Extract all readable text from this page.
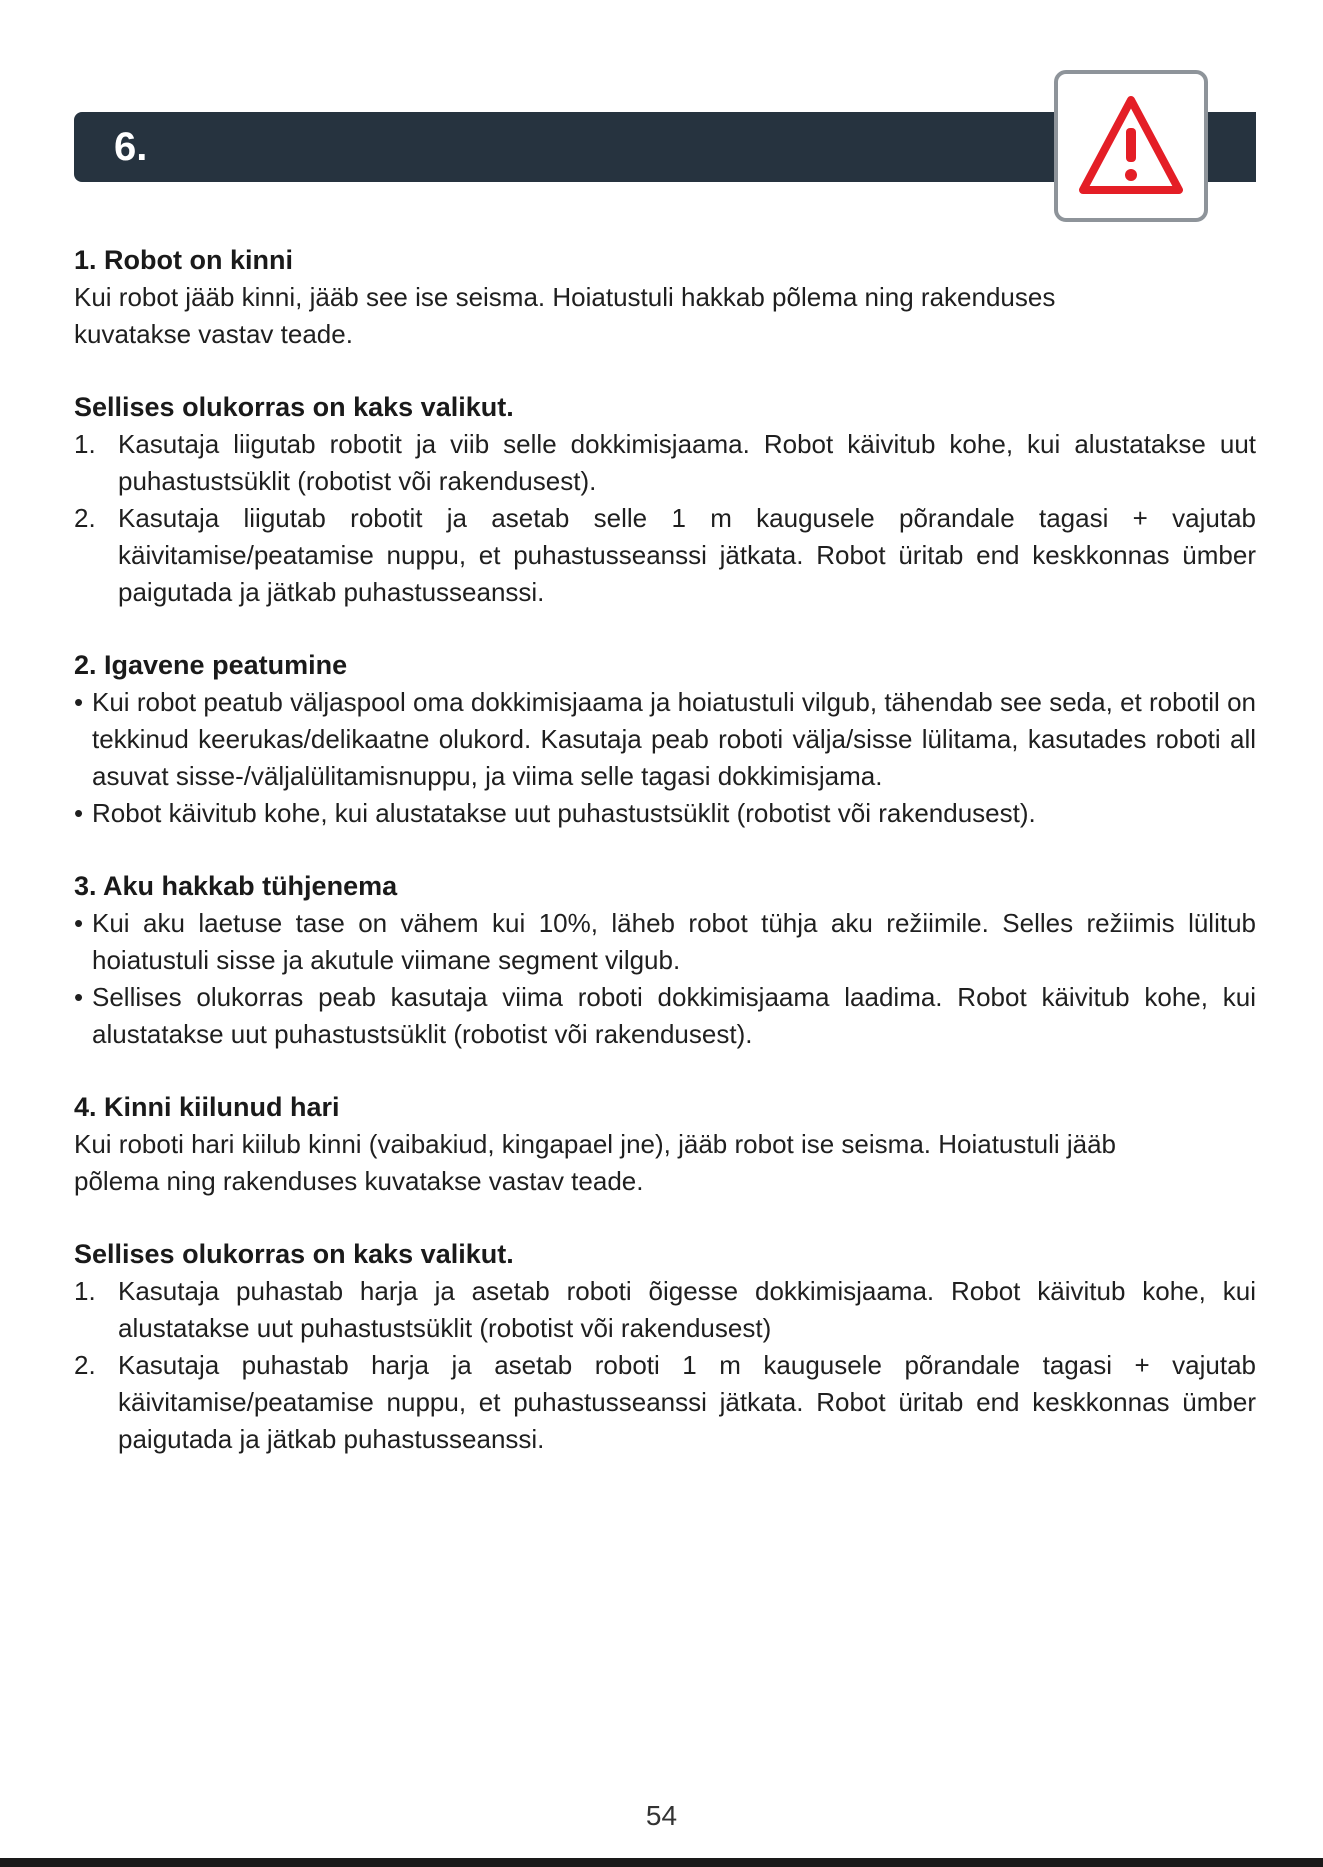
6.
1. Robot on kinni

Kui robot jääb kinni, jääb see ise seisma. Hoiatustuli hakkab põlema ning rakenduses kuvatakse vastav teade.

Sellises olukorras on kaks valikut.
1. Kasutaja liigutab robotit ja viib selle dokkimisjaama. Robot käivitub kohe, kui alustatakse uut puhastustsüklit (robotist või rakendusest).
2. Kasutaja liigutab robotit ja asetab selle 1 m kaugusele põrandale tagasi + vajutab käivitamise/peatamise nuppu, et puhastusseanssi jätkata. Robot üritab end keskkonnas ümber paigutada ja jätkab puhastusseanssi.
2. Igavene peatumine
• Kui robot peatub väljaspool oma dokkimisjaama ja hoiatustuli vilgub, tähendab see seda, et robotil on tekkinud keerukas/delikaatne olukord. Kasutaja peab roboti välja/sisse lülitama, kasutades roboti all asuvat sisse-/väljalülitamisnuppu, ja viima selle tagasi dokkimisjama.
• Robot käivitub kohe, kui alustatakse uut puhastustsüklit (robotist või rakendusest).
3. Aku hakkab tühjenema
• Kui aku laetuse tase on vähem kui 10%, läheb robot tühja aku režiimile. Selles režiimis lülitub hoiatustuli sisse ja akutule viimane segment vilgub.
• Sellises olukorras peab kasutaja viima roboti dokkimisjaama laadima. Robot käivitub kohe, kui alustatakse uut puhastustsüklit (robotist või rakendusest).
4. Kinni kiilunud hari

Kui roboti hari kiilub kinni (vaibakiud, kingapael jne), jääb robot ise seisma. Hoiatustuli jääb põlema ning rakenduses kuvatakse vastav teade.

Sellises olukorras on kaks valikut.
1. Kasutaja puhastab harja ja asetab roboti õigesse dokkimisjaama. Robot käivitub kohe, kui alustatakse uut puhastustsüklit (robotist või rakendusest)
2. Kasutaja puhastab harja ja asetab roboti 1 m kaugusele põrandale tagasi + vajutab käivitamise/peatamise nuppu, et puhastusseanssi jätkata. Robot üritab end keskkonnas ümber paigutada ja jätkab puhastusseanssi.
54
